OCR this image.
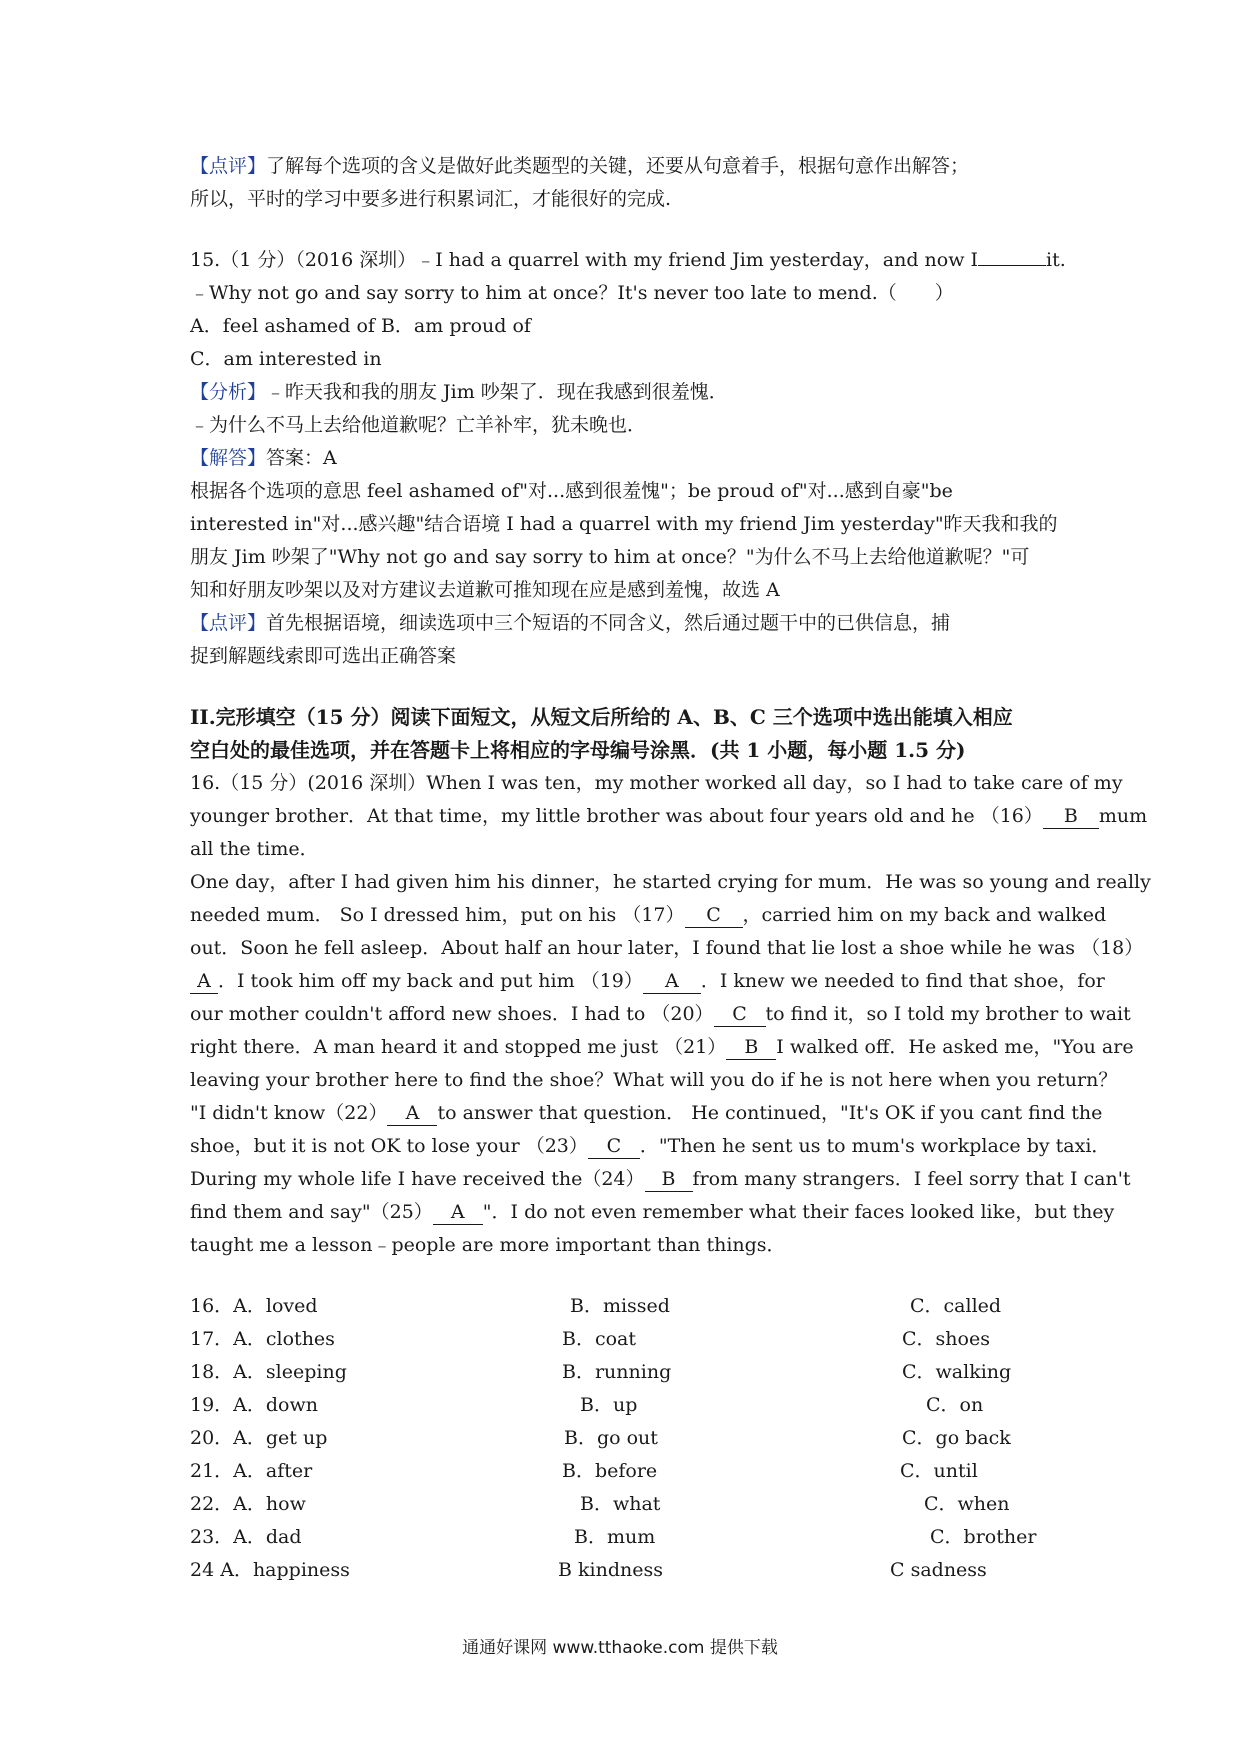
【点评】了解每个选项的含义是做好此类题型的关键，还要从句意着手，根据句意作出解答；
所以，平时的学习中要多进行积累词汇，才能很好的完成.
15.（1 分）（2016 深圳）﹣I had a quarrel with my friend Jim yesterday，and now I	it.
﹣Why not go and say sorry to him at once？It's never too late to mend.（　　）
A．feel ashamed of B．am proud of
C．am interested in
【分析】﹣昨天我和我的朋友 Jim 吵架了．现在我感到很羞愧．
﹣为什么不马上去给他道歉呢？亡羊补牢，犹未晚也．
【解答】答案：A
根据各个选项的意思 feel ashamed of"对...感到很羞愧"；be proud of"对...感到自豪"be
interested in"对...感兴趣"结合语境 I had a quarrel with my friend Jim yesterday"昨天我和我的
朋友 Jim 吵架了"Why not go and say sorry to him at once？"为什么不马上去给他道歉呢？"可
知和好朋友吵架以及对方建议去道歉可推知现在应是感到羞愧，故选 A
【点评】首先根据语境，细读选项中三个短语的不同含义，然后通过题干中的已供信息，捕
捉到解题线索即可选出正确答案
II.完形填空（15 分）阅读下面短文，从短文后所给的 A、B、C 三个选项中选出能填入相应
空白处的最佳选项，并在答题卡上将相应的字母编号涂黑．(共 1 小题，每小题 1.5 分)
16.（15 分）(2016 深圳）When I was ten，my mother worked all day，so I had to take care of my
younger brother．At that time，my little brother was about four years old and he （16） B mum
all the time．
One day，after I had given him his dinner，he started crying for mum．He was so young and really
needed mum． So I dressed him，put on his （17） C ，carried him on my back and walked
out．Soon he fell asleep．About half an hour later，I found that lie lost a shoe while he was （18）
A ．I took him off my back and put him （19） A ．I knew we needed to find that shoe，for
our mother couldn't afford new shoes．I had to （20） C to find it，so I told my brother to wait
right there．A man heard it and stopped me just （21） B I walked off．He asked me，"You are
leaving your brother here to find the shoe？What will you do if he is not here when you return？
"I didn't know（22） A to answer that question． He continued，"It's OK if you cant find the
shoe，but it is not OK to lose your （23） C ．"Then he sent us to mum's workplace by taxi．
During my whole life I have received the（24） B from many strangers．I feel sorry that I can't
find them and say"（25） A "．I do not even remember what their faces looked like，but they
taught me a lesson﹣people are more important than things．
16．A．loved	B．missed	C．called
17．A．clothes	B．coat	C．shoes
18．A．sleeping	B．running	C．walking
19．A．down	B．up	C．on
20．A．get up	B．go out	C．go back
21．A．after	B．before	C．until
22．A．how	B．what	C．when
23．A．dad	B．mum	C．brother
24 A．happiness	B kindness	C sadness
通通好课网 www.tthaoke.com 提供下载
